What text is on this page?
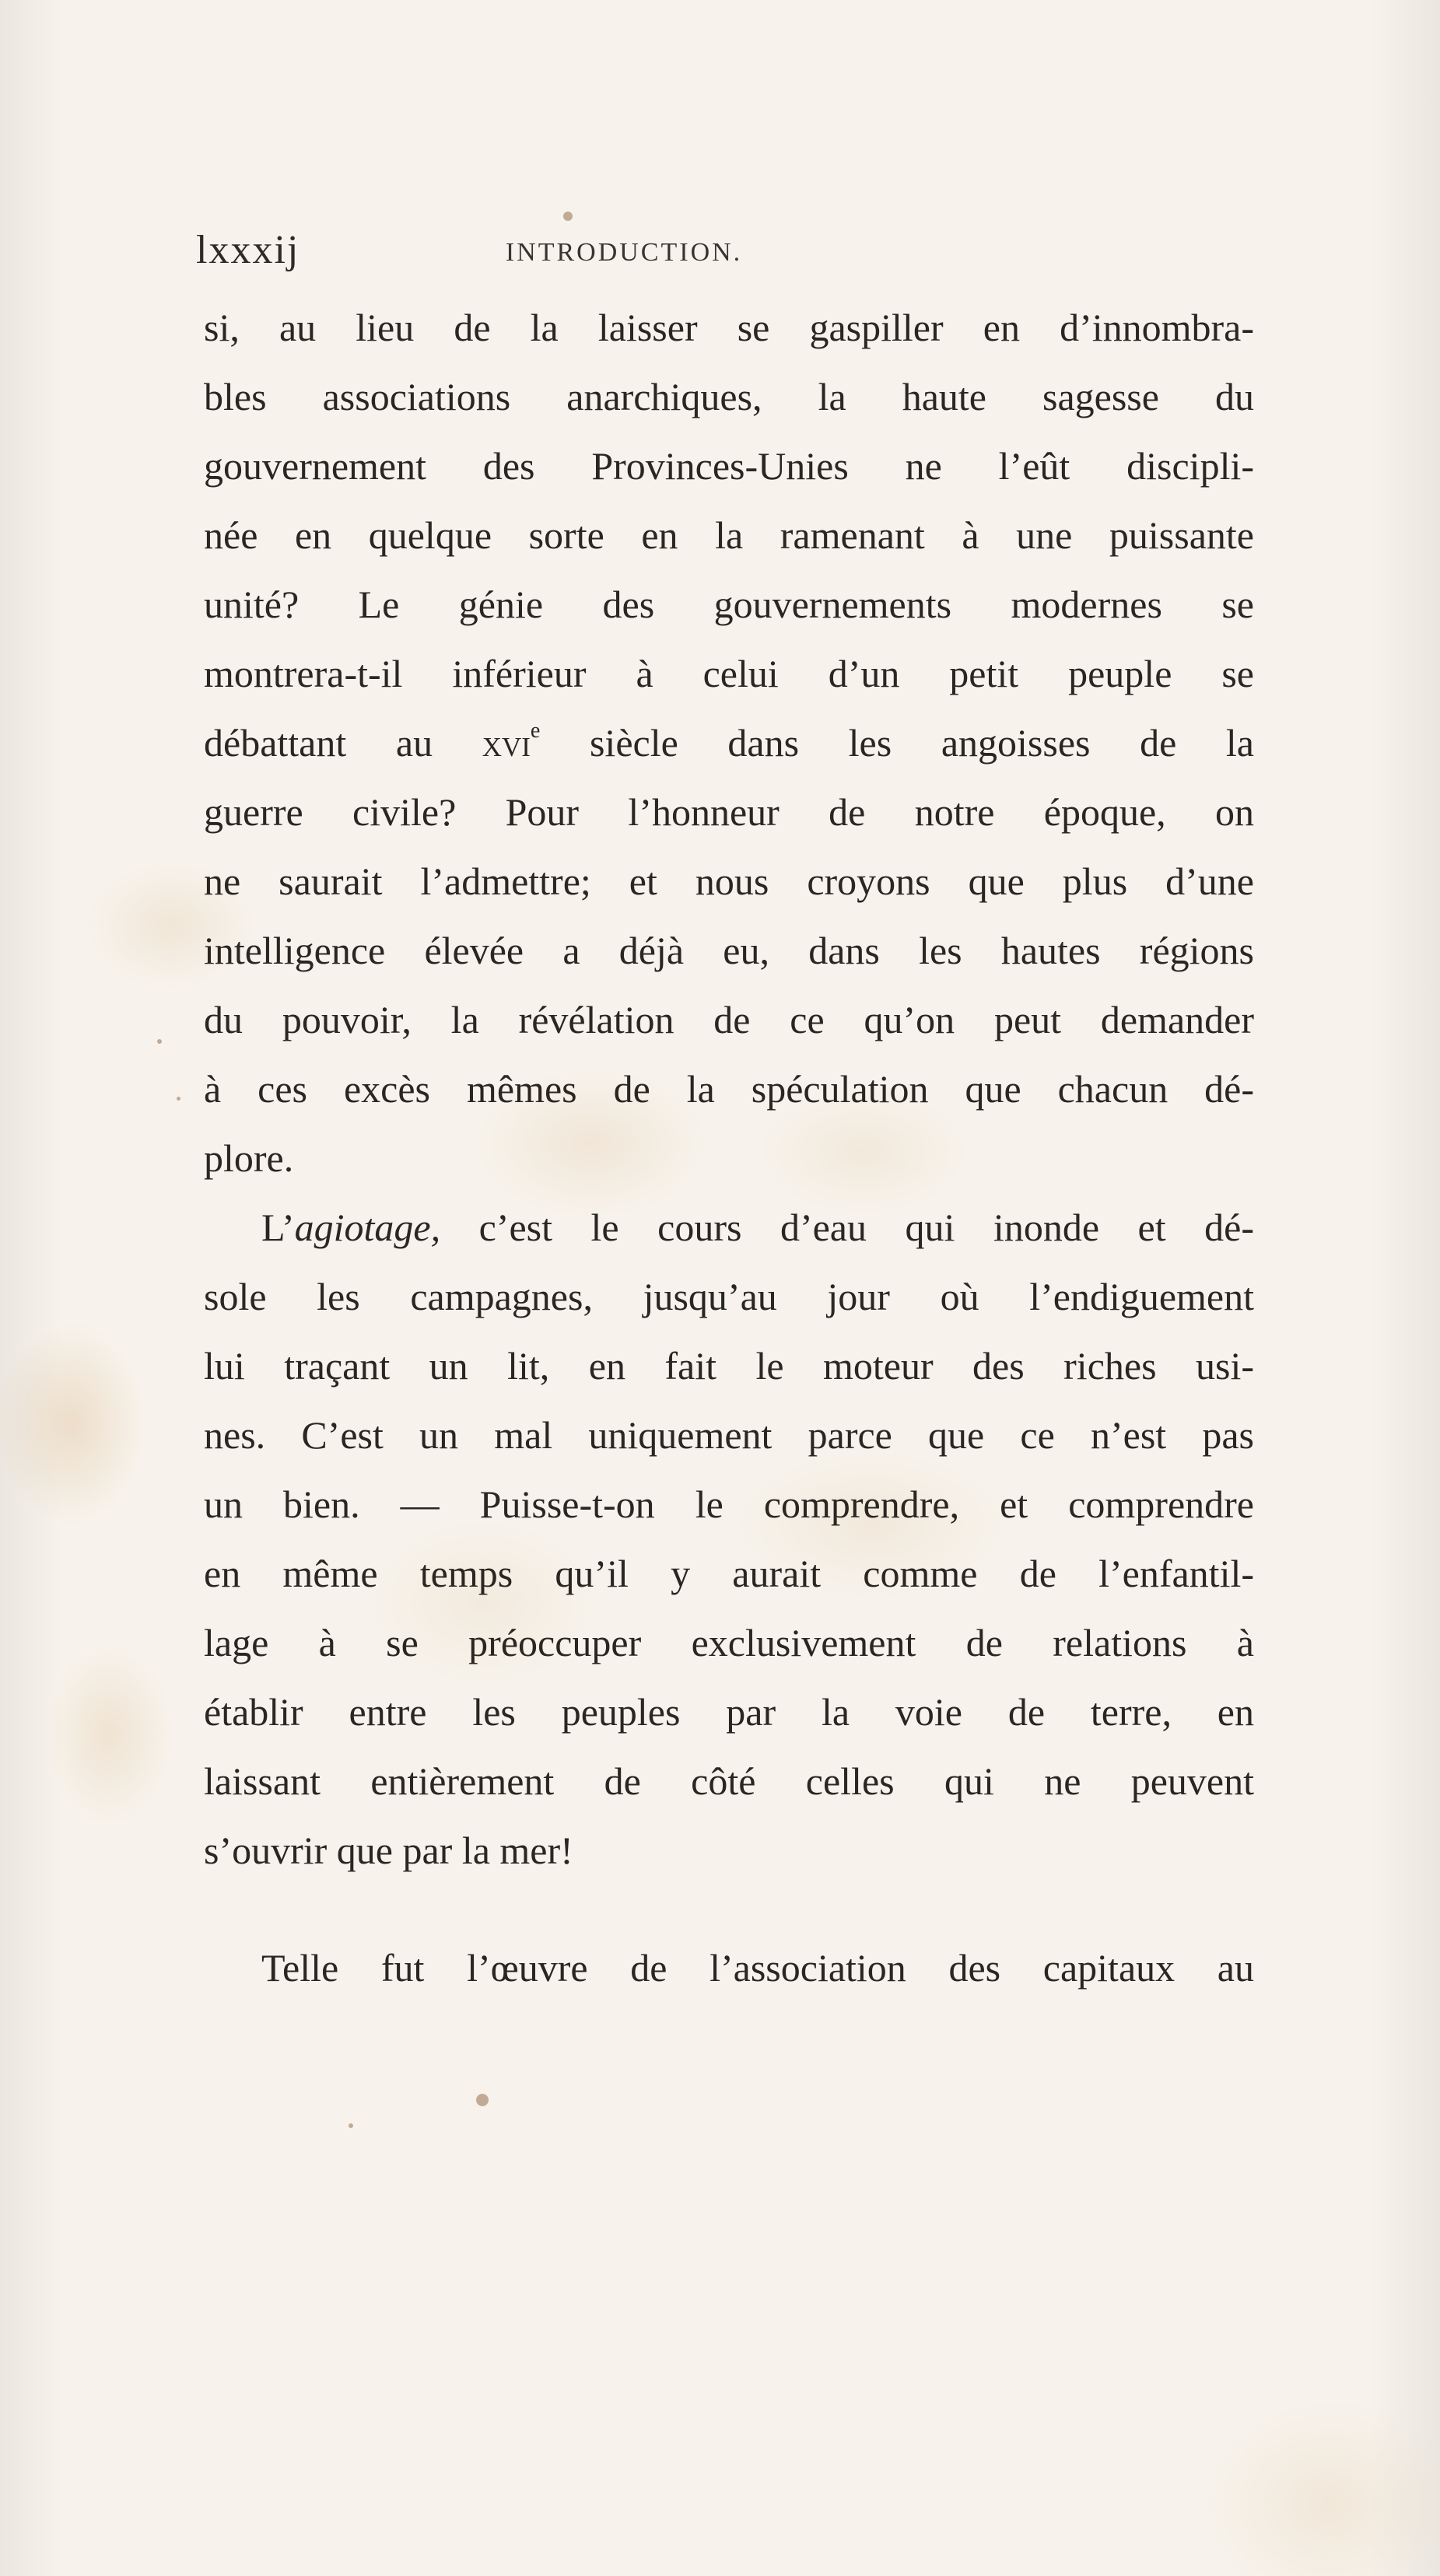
lxxxij	INTRODUCTION.
si, au lieu de la laisser se gaspiller en d’innombra-
bles associations anarchiques, la haute sagesse du
gouvernement des Provinces-Unies ne l’eût discipli-
née en quelque sorte en la ramenant à une puissante
unité? Le génie des gouvernements modernes se
montrera-t-il inférieur à celui d’un petit peuple se
débattant au xvi$^e$ siècle dans les angoisses de la
guerre civile? Pour l’honneur de notre époque, on
ne saurait l’admettre; et nous croyons que plus d’une
intelligence élevée a déjà eu, dans les hautes régions
du pouvoir, la révélation de ce qu’on peut demander
à ces excès mêmes de la spéculation que chacun dé-
plore.
L’agiotage, c’est le cours d’eau qui inonde et dé-
sole les campagnes, jusqu’au jour où l’endiguement
lui traçant un lit, en fait le moteur des riches usi-
nes. C’est un mal uniquement parce que ce n’est pas
un bien. — Puisse-t-on le comprendre, et comprendre
en même temps qu’il y aurait comme de l’enfantil-
lage à se préoccuper exclusivement de relations à
établir entre les peuples par la voie de terre, en
laissant entièrement de côté celles qui ne peuvent
s’ouvrir que par la mer!
Telle fut l’œuvre de l’association des capitaux au
